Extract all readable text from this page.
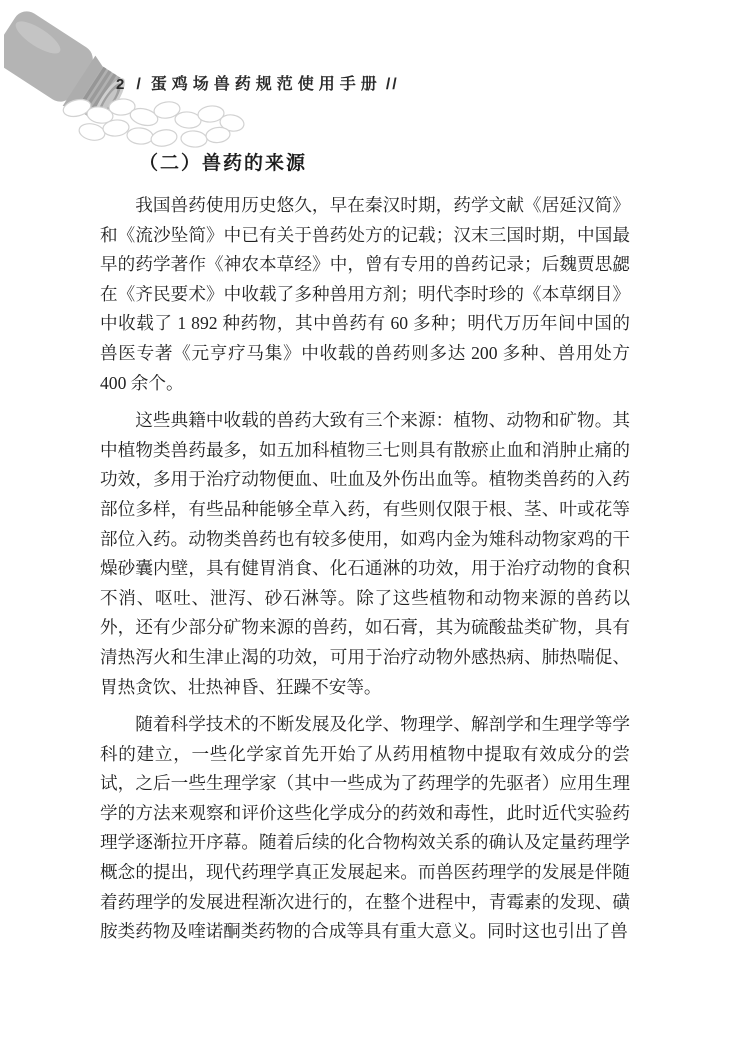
2 / 蛋鸡场兽药规范使用手册 //
（二）兽药的来源

我国兽药使用历史悠久，早在秦汉时期，药学文献《居延汉简》和《流沙坠简》中已有关于兽药处方的记载；汉末三国时期，中国最早的药学著作《神农本草经》中，曾有专用的兽药记录；后魏贾思勰在《齐民要术》中收载了多种兽用方剂；明代李时珍的《本草纲目》中收载了 1 892 种药物，其中兽药有 60 多种；明代万历年间中国的兽医专著《元亨疗马集》中收载的兽药则多达 200 多种、兽用处方 400 余个。

这些典籍中收载的兽药大致有三个来源：植物、动物和矿物。其中植物类兽药最多，如五加科植物三七则具有散瘀止血和消肿止痛的功效，多用于治疗动物便血、吐血及外伤出血等。植物类兽药的入药部位多样，有些品种能够全草入药，有些则仅限于根、茎、叶或花等部位入药。动物类兽药也有较多使用，如鸡内金为雉科动物家鸡的干燥砂囊内壁，具有健胃消食、化石通淋的功效，用于治疗动物的食积不消、呕吐、泄泻、砂石淋等。除了这些植物和动物来源的兽药以外，还有少部分矿物来源的兽药，如石膏，其为硫酸盐类矿物，具有清热泻火和生津止渴的功效，可用于治疗动物外感热病、肺热喘促、胃热贪饮、壮热神昏、狂躁不安等。

随着科学技术的不断发展及化学、物理学、解剖学和生理学等学科的建立，一些化学家首先开始了从药用植物中提取有效成分的尝试，之后一些生理学家（其中一些成为了药理学的先驱者）应用生理学的方法来观察和评价这些化学成分的药效和毒性，此时近代实验药理学逐渐拉开序幕。随着后续的化合物构效关系的确认及定量药理学概念的提出，现代药理学真正发展起来。而兽医药理学的发展是伴随着药理学的发展进程渐次进行的，在整个进程中，青霉素的发现、磺胺类药物及喹诺酮类药物的合成等具有重大意义。同时这也引出了兽
